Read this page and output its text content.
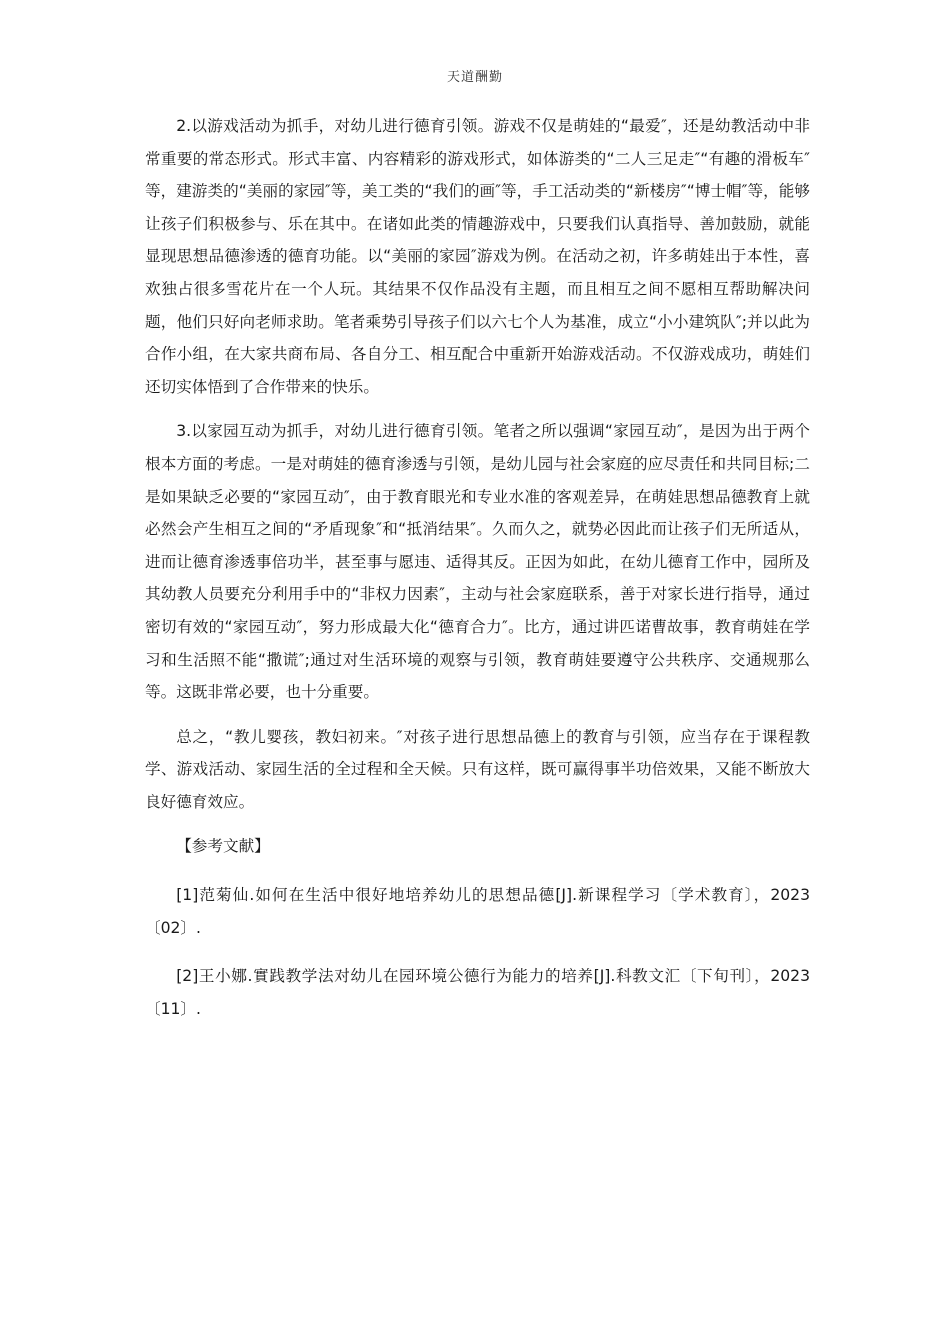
天道酬勤

2.以游戏活动为抓手，对幼儿进行德育引领。游戏不仅是萌娃的“最爱″，还是幼教活动中非常重要的常态形式。形式丰富、内容精彩的游戏形式，如体游类的“二人三足走″“有趣的滑板车″等，建游类的“美丽的家园″等，美工类的“我们的画″等，手工活动类的“新楼房″“博士帽″等，能够让孩子们积极参与、乐在其中。在诸如此类的情趣游戏中，只要我们认真指导、善加鼓励，就能显现思想品德渗透的德育功能。以“美丽的家园″游戏为例。在活动之初，许多萌娃出于本性，喜欢独占很多雪花片在一个人玩。其结果不仅作品没有主题，而且相互之间不愿相互帮助解决问题，他们只好向老师求助。笔者乘势引导孩子们以六七个人为基准，成立“小小建筑队″;并以此为合作小组，在大家共商布局、各自分工、相互配合中重新开始游戏活动。不仅游戏成功，萌娃们还切实体悟到了合作带来的快乐。

3.以家园互动为抓手，对幼儿进行德育引领。笔者之所以强调“家园互动″，是因为出于两个根本方面的考虑。一是对萌娃的德育渗透与引领，是幼儿园与社会家庭的应尽责任和共同目标;二是如果缺乏必要的“家园互动″，由于教育眼光和专业水准的客观差异，在萌娃思想品德教育上就必然会产生相互之间的“矛盾现象″和“抵消结果″。久而久之，就势必因此而让孩子们无所适从，进而让德育渗透事倍功半，甚至事与愿违、适得其反。正因为如此，在幼儿德育工作中，园所及其幼教人员要充分利用手中的“非权力因素″，主动与社会家庭联系，善于对家长进行指导，通过密切有效的“家园互动″，努力形成最大化“德育合力″。比方，通过讲匹诺曹故事，教育萌娃在学习和生活照不能“撒谎″;通过对生活环境的观察与引领，教育萌娃要遵守公共秩序、交通规那么等。这既非常必要，也十分重要。

总之，“教儿婴孩，教妇初来。″对孩子进行思想品德上的教育与引领，应当存在于课程教学、游戏活动、家园生活的全过程和全天候。只有这样，既可赢得事半功倍效果，又能不断放大良好德育效应。

【参考文献】

[1]范菊仙.如何在生活中很好地培养幼儿的思想品德[J].新课程学习〔学术教育〕，2023〔02〕.

[2]王小娜.實践教学法对幼儿在园环境公德行为能力的培养[J].科教文汇〔下旬刊〕，2023〔11〕.
